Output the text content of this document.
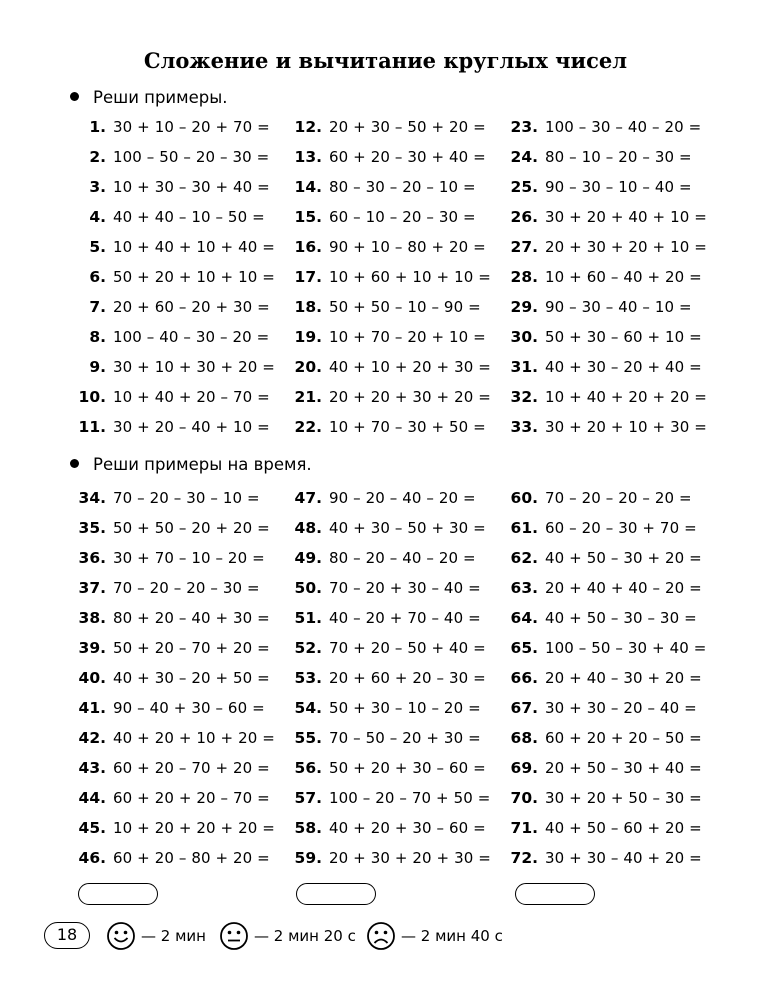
Сложение и вычитание круглых чисел
Реши примеры.
1. 30 + 10 – 20 + 70 =
2. 100 – 50 – 20 – 30 =
3. 10 + 30 – 30 + 40 =
4. 40 + 40 – 10 – 50 =
5. 10 + 40 + 10 + 40 =
6. 50 + 20 + 10 + 10 =
7. 20 + 60 – 20 + 30 =
8. 100 – 40 – 30 – 20 =
9. 30 + 10 + 30 + 20 =
10. 10 + 40 + 20 – 70 =
11. 30 + 20 – 40 + 10 =
12. 20 + 30 – 50 + 20 =
13. 60 + 20 – 30 + 40 =
14. 80 – 30 – 20 – 10 =
15. 60 – 10 – 20 – 30 =
16. 90 + 10 – 80 + 20 =
17. 10 + 60 + 10 + 10 =
18. 50 + 50 – 10 – 90 =
19. 10 + 70 – 20 + 10 =
20. 40 + 10 + 20 + 30 =
21. 20 + 20 + 30 + 20 =
22. 10 + 70 – 30 + 50 =
23. 100 – 30 – 40 – 20 =
24. 80 – 10 – 20 – 30 =
25. 90 – 30 – 10 – 40 =
26. 30 + 20 + 40 + 10 =
27. 20 + 30 + 20 + 10 =
28. 10 + 60 – 40 + 20 =
29. 90 – 30 – 40 – 10 =
30. 50 + 30 – 60 + 10 =
31. 40 + 30 – 20 + 40 =
32. 10 + 40 + 20 + 20 =
33. 30 + 20 + 10 + 30 =
Реши примеры на время.
34. 70 – 20 – 30 – 10 =
35. 50 + 50 – 20 + 20 =
36. 30 + 70 – 10 – 20 =
37. 70 – 20 – 20 – 30 =
38. 80 + 20 – 40 + 30 =
39. 50 + 20 – 70 + 20 =
40. 40 + 30 – 20 + 50 =
41. 90 – 40 + 30 – 60 =
42. 40 + 20 + 10 + 20 =
43. 60 + 20 – 70 + 20 =
44. 60 + 20 + 20 – 70 =
45. 10 + 20 + 20 + 20 =
46. 60 + 20 – 80 + 20 =
47. 90 – 20 – 40 – 20 =
48. 40 + 30 – 50 + 30 =
49. 80 – 20 – 40 – 20 =
50. 70 – 20 + 30 – 40 =
51. 40 – 20 + 70 – 40 =
52. 70 + 20 – 50 + 40 =
53. 20 + 60 + 20 – 30 =
54. 50 + 30 – 10 – 20 =
55. 70 – 50 – 20 + 30 =
56. 50 + 20 + 30 – 60 =
57. 100 – 20 – 70 + 50 =
58. 40 + 20 + 30 – 60 =
59. 20 + 30 + 20 + 30 =
60. 70 – 20 – 20 – 20 =
61. 60 – 20 – 30 + 70 =
62. 40 + 50 – 30 + 20 =
63. 20 + 40 + 40 – 20 =
64. 40 + 50 – 30 – 30 =
65. 100 – 50 – 30 + 40 =
66. 20 + 40 – 30 + 20 =
67. 30 + 30 – 20 – 40 =
68. 60 + 20 + 20 – 50 =
69. 20 + 50 – 30 + 40 =
70. 30 + 20 + 50 – 30 =
71. 40 + 50 – 60 + 20 =
72. 30 + 30 – 40 + 20 =
18	— 2 мин	— 2 мин 20 с	— 2 мин 40 с
